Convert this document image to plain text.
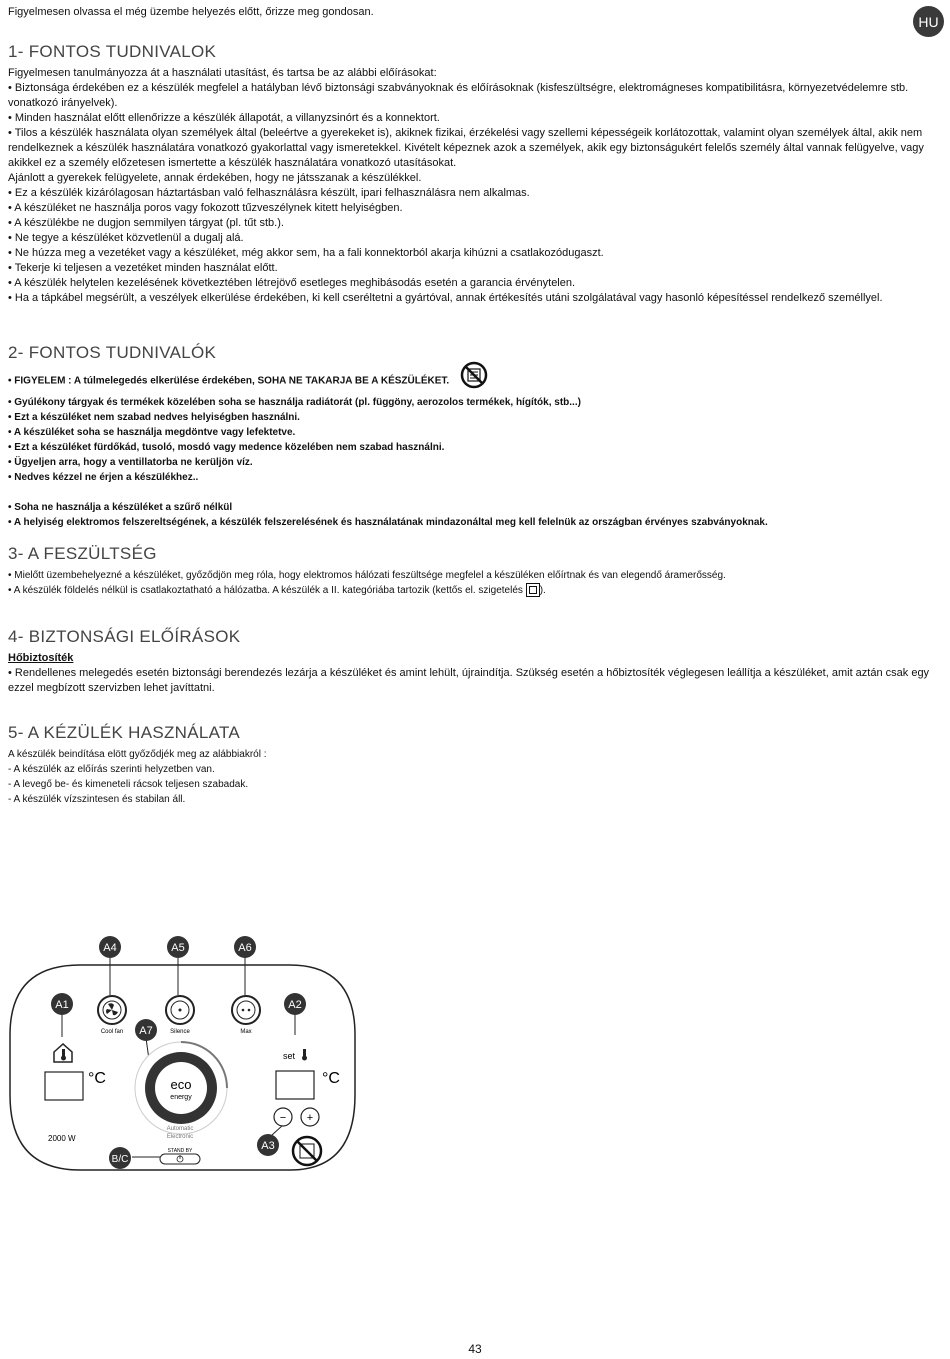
Figyelmesen olvassa el még üzembe helyezés előtt, őrizze meg gondosan.
HU
1- FONTOS TUDNIVALOK

Figyelmesen tanulmányozza át a használati utasítást, és tartsa be az alábbi előírásokat:

• Biztonsága érdekében ez a készülék megfelel a hatályban lévő biztonsági szabványoknak és előírásoknak (kisfeszültségre, elektromágneses kompatibilitásra, környezetvédelemre stb. vonatkozó irányelvek).

• Minden használat előtt ellenőrizze a készülék állapotát, a villanyzsinórt és a konnektort.

• Tilos a készülék használata olyan személyek által (beleértve a gyerekeket is), akiknek fizikai, érzékelési vagy szellemi képességeik korlátozottak, valamint olyan személyek által, akik nem rendelkeznek a készülék használatára vonatkozó gyakorlattal vagy ismeretekkel. Kivételt képeznek azok a személyek, akik egy biztonságukért felelős személy által vannak felügyelve, vagy akikkel ez a személy előzetesen ismertette a készülék használatára vonatkozó utasításokat.

Ajánlott a gyerekek felügyelete, annak érdekében, hogy ne játsszanak a készülékkel.

• Ez a készülék kizárólagosan háztartásban való felhasználásra készült, ipari felhasználásra nem alkalmas.

• A készüléket ne használja poros vagy fokozott tűzveszélynek kitett helyiségben.

• A készülékbe ne dugjon semmilyen tárgyat (pl. tűt stb.).

• Ne tegye a készüléket közvetlenül a dugalj alá.

• Ne húzza meg a vezetéket vagy a készüléket, még akkor sem, ha a fali konnektorból akarja kihúzni a csatlakozódugaszt.

• Tekerje ki teljesen a vezetéket minden használat előtt.

• A készülék helytelen kezelésének következtében létrejövő esetleges meghibásodás esetén a garancia érvénytelen.

• Ha a tápkábel megsérült, a veszélyek elkerülése érdekében, ki kell cseréltetni a gyártóval, annak értékesítés utáni szolgálatával vagy hasonló képesítéssel rendelkező személlyel.

2- FONTOS TUDNIVALÓK

• FIGYELEM : A túlmelegedés elkerülése érdekében, SOHA NE TAKARJA BE A KÉSZÜLÉKET.

• Gyúlékony tárgyak és termékek közelében soha se használja radiátorát (pl. függöny, aerozolos termékek, hígítók, stb...)

• Ezt a készüléket nem szabad nedves helyiségben használni.

• A készüléket soha se használja megdöntve vagy lefektetve.

• Ezt a készüléket fürdőkád, tusoló, mosdó vagy medence közelében nem szabad használni.

• Ügyeljen arra, hogy a ventillatorba ne kerüljön víz.

• Nedves kézzel ne érjen a készülékhez..

• Soha ne használja a készüléket a szűrő nélkül

• A helyiség elektromos felszereltségének, a készülék felszerelésének és használatának mindazonáltal meg kell felelnük az országban érvényes szabványoknak.

3- A FESZÜLTSÉG

• Mielőtt üzembehelyezné a készüléket, győződjön meg róla, hogy elektromos hálózati feszültsége megfelel a készüléken előírtnak és van elegendő áramerősség.

• A készülék földelés nélkül is csatlakoztatható a hálózatba. A készülék a II. kategóriába tartozik (kettős el. szigetelés ).

4- BIZTONSÁGI ELŐÍRÁSOK

Hőbiztosíték

• Rendellenes melegedés esetén biztonsági berendezés lezárja a készüléket és amint lehült, újraindítja. Szükség esetén a hőbiztosíték véglegesen leállítja a készüléket, amit aztán csak egy ezzel megbízott szervizben lehet javíttatni.

5- A KÉZÜLÉK HASZNÁLATA

A készülék beindítása elött győződjék meg az alábbiakról :

- A készülék az előírás szerinti helyzetben van.

- A levegő be- és kimeneteli rácsok teljesen szabadak.

- A készülék vízszintesen és stabilan áll.

A4	A5	A6
A1	A2
A7
A3
B/C
Cool fan	Silence	Max
°C
2000 W
eco
energy
Automatic
Electronic
STAND BY
set
°C
− +
43
